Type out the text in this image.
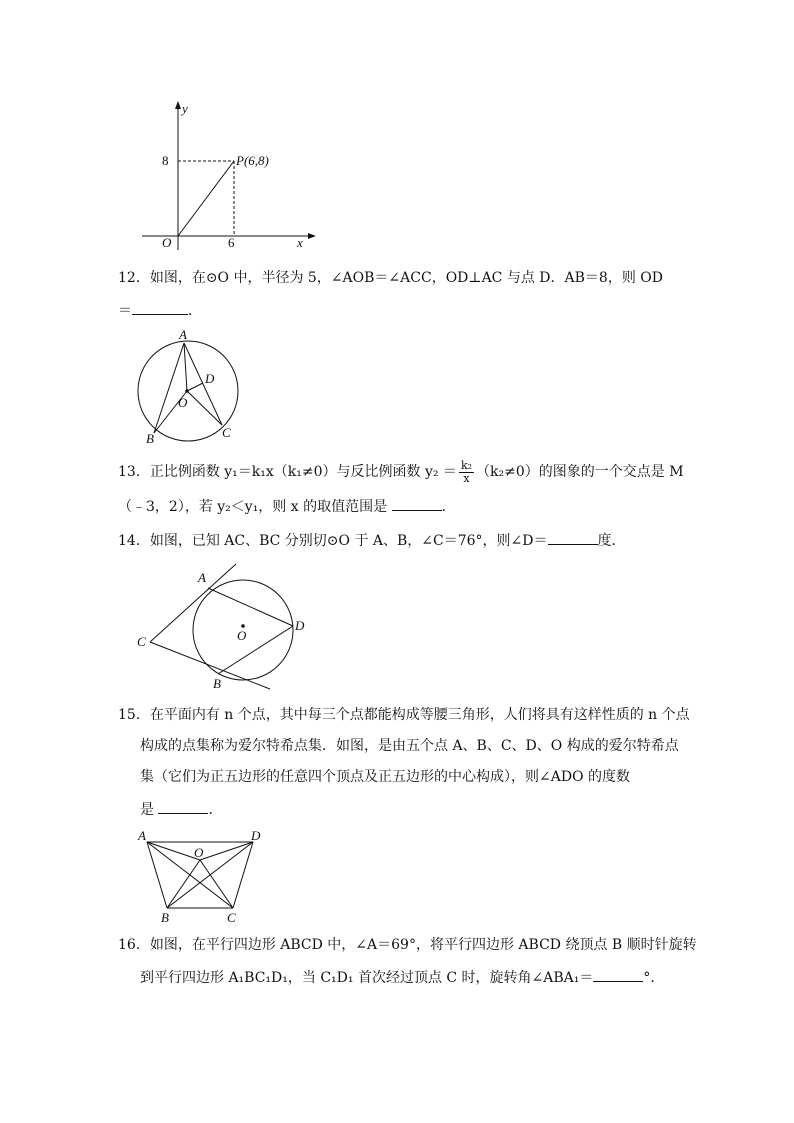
y
x
O
8
6
P(6,8)
12．如图，在⊙O 中，半径为 5，∠AOB＝∠ACC，OD⊥AC 与点 D．AB＝8，则 OD
＝	．
A
B	C
D
O
13．正比例函数 y₁＝k₁x（k₁≠0）与反比例函数 $y_2 = \frac{\text{k₂}}{x} (k_2\ne 0)$的图象的一个交点是 M
（﹣3，2），若 y₂＜y₁，则 x 的取值范围是	．
14．如图，已知 AC、BC 分别切⊙O 于 A、B，∠C＝76°，则∠D＝	度．
A
B
C
D
O
15．在平面内有 n 个点，其中每三个点都能构成等腰三角形，人们将具有这样性质的 n 个点
构成的点集称为爱尔特希点集．如图，是由五个点 A、B、C、D、O 构成的爱尔特希点
集（它们为正五边形的任意四个顶点及正五边形的中心构成），则∠ADO 的度数
是	．
A	D
O
B	C
16．如图，在平行四边形 ABCD 中，∠A＝69°，将平行四边形 ABCD 绕顶点 B 顺时针旋转
到平行四边形 A₁BC₁D₁，当 C₁D₁ 首次经过顶点 C 时，旋转角∠ABA₁＝	°．
